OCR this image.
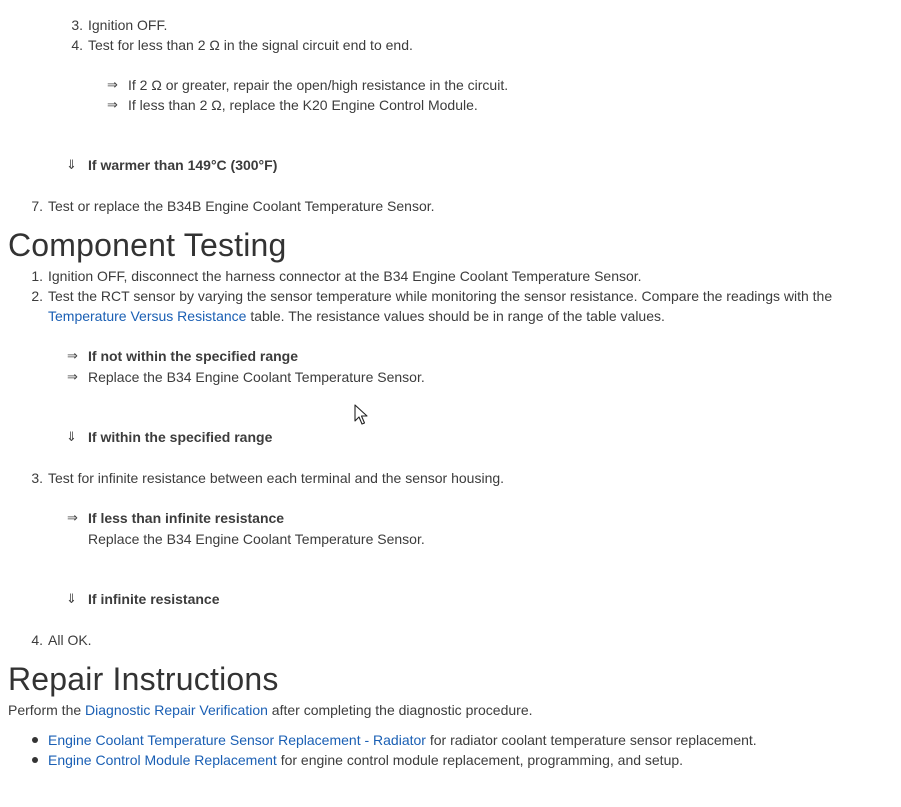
3. Ignition OFF.
4. Test for less than 2 Ω in the signal circuit end to end.
⇒ If 2 Ω or greater, repair the open/high resistance in the circuit.
⇒ If less than 2 Ω, replace the K20 Engine Control Module.
⇓ If warmer than 149°C (300°F)
7. Test or replace the B34B Engine Coolant Temperature Sensor.
Component Testing
1. Ignition OFF, disconnect the harness connector at the B34 Engine Coolant Temperature Sensor.
2. Test the RCT sensor by varying the sensor temperature while monitoring the sensor resistance. Compare the readings with the
Temperature Versus Resistance table. The resistance values should be in range of the table values.
⇒ If not within the specified range
⇒ Replace the B34 Engine Coolant Temperature Sensor.
⇓ If within the specified range
3. Test for infinite resistance between each terminal and the sensor housing.
⇒ If less than infinite resistance
Replace the B34 Engine Coolant Temperature Sensor.
⇓ If infinite resistance
4. All OK.
Repair Instructions
Perform the Diagnostic Repair Verification after completing the diagnostic procedure.
Engine Coolant Temperature Sensor Replacement - Radiator for radiator coolant temperature sensor replacement.
Engine Control Module Replacement for engine control module replacement, programming, and setup.
